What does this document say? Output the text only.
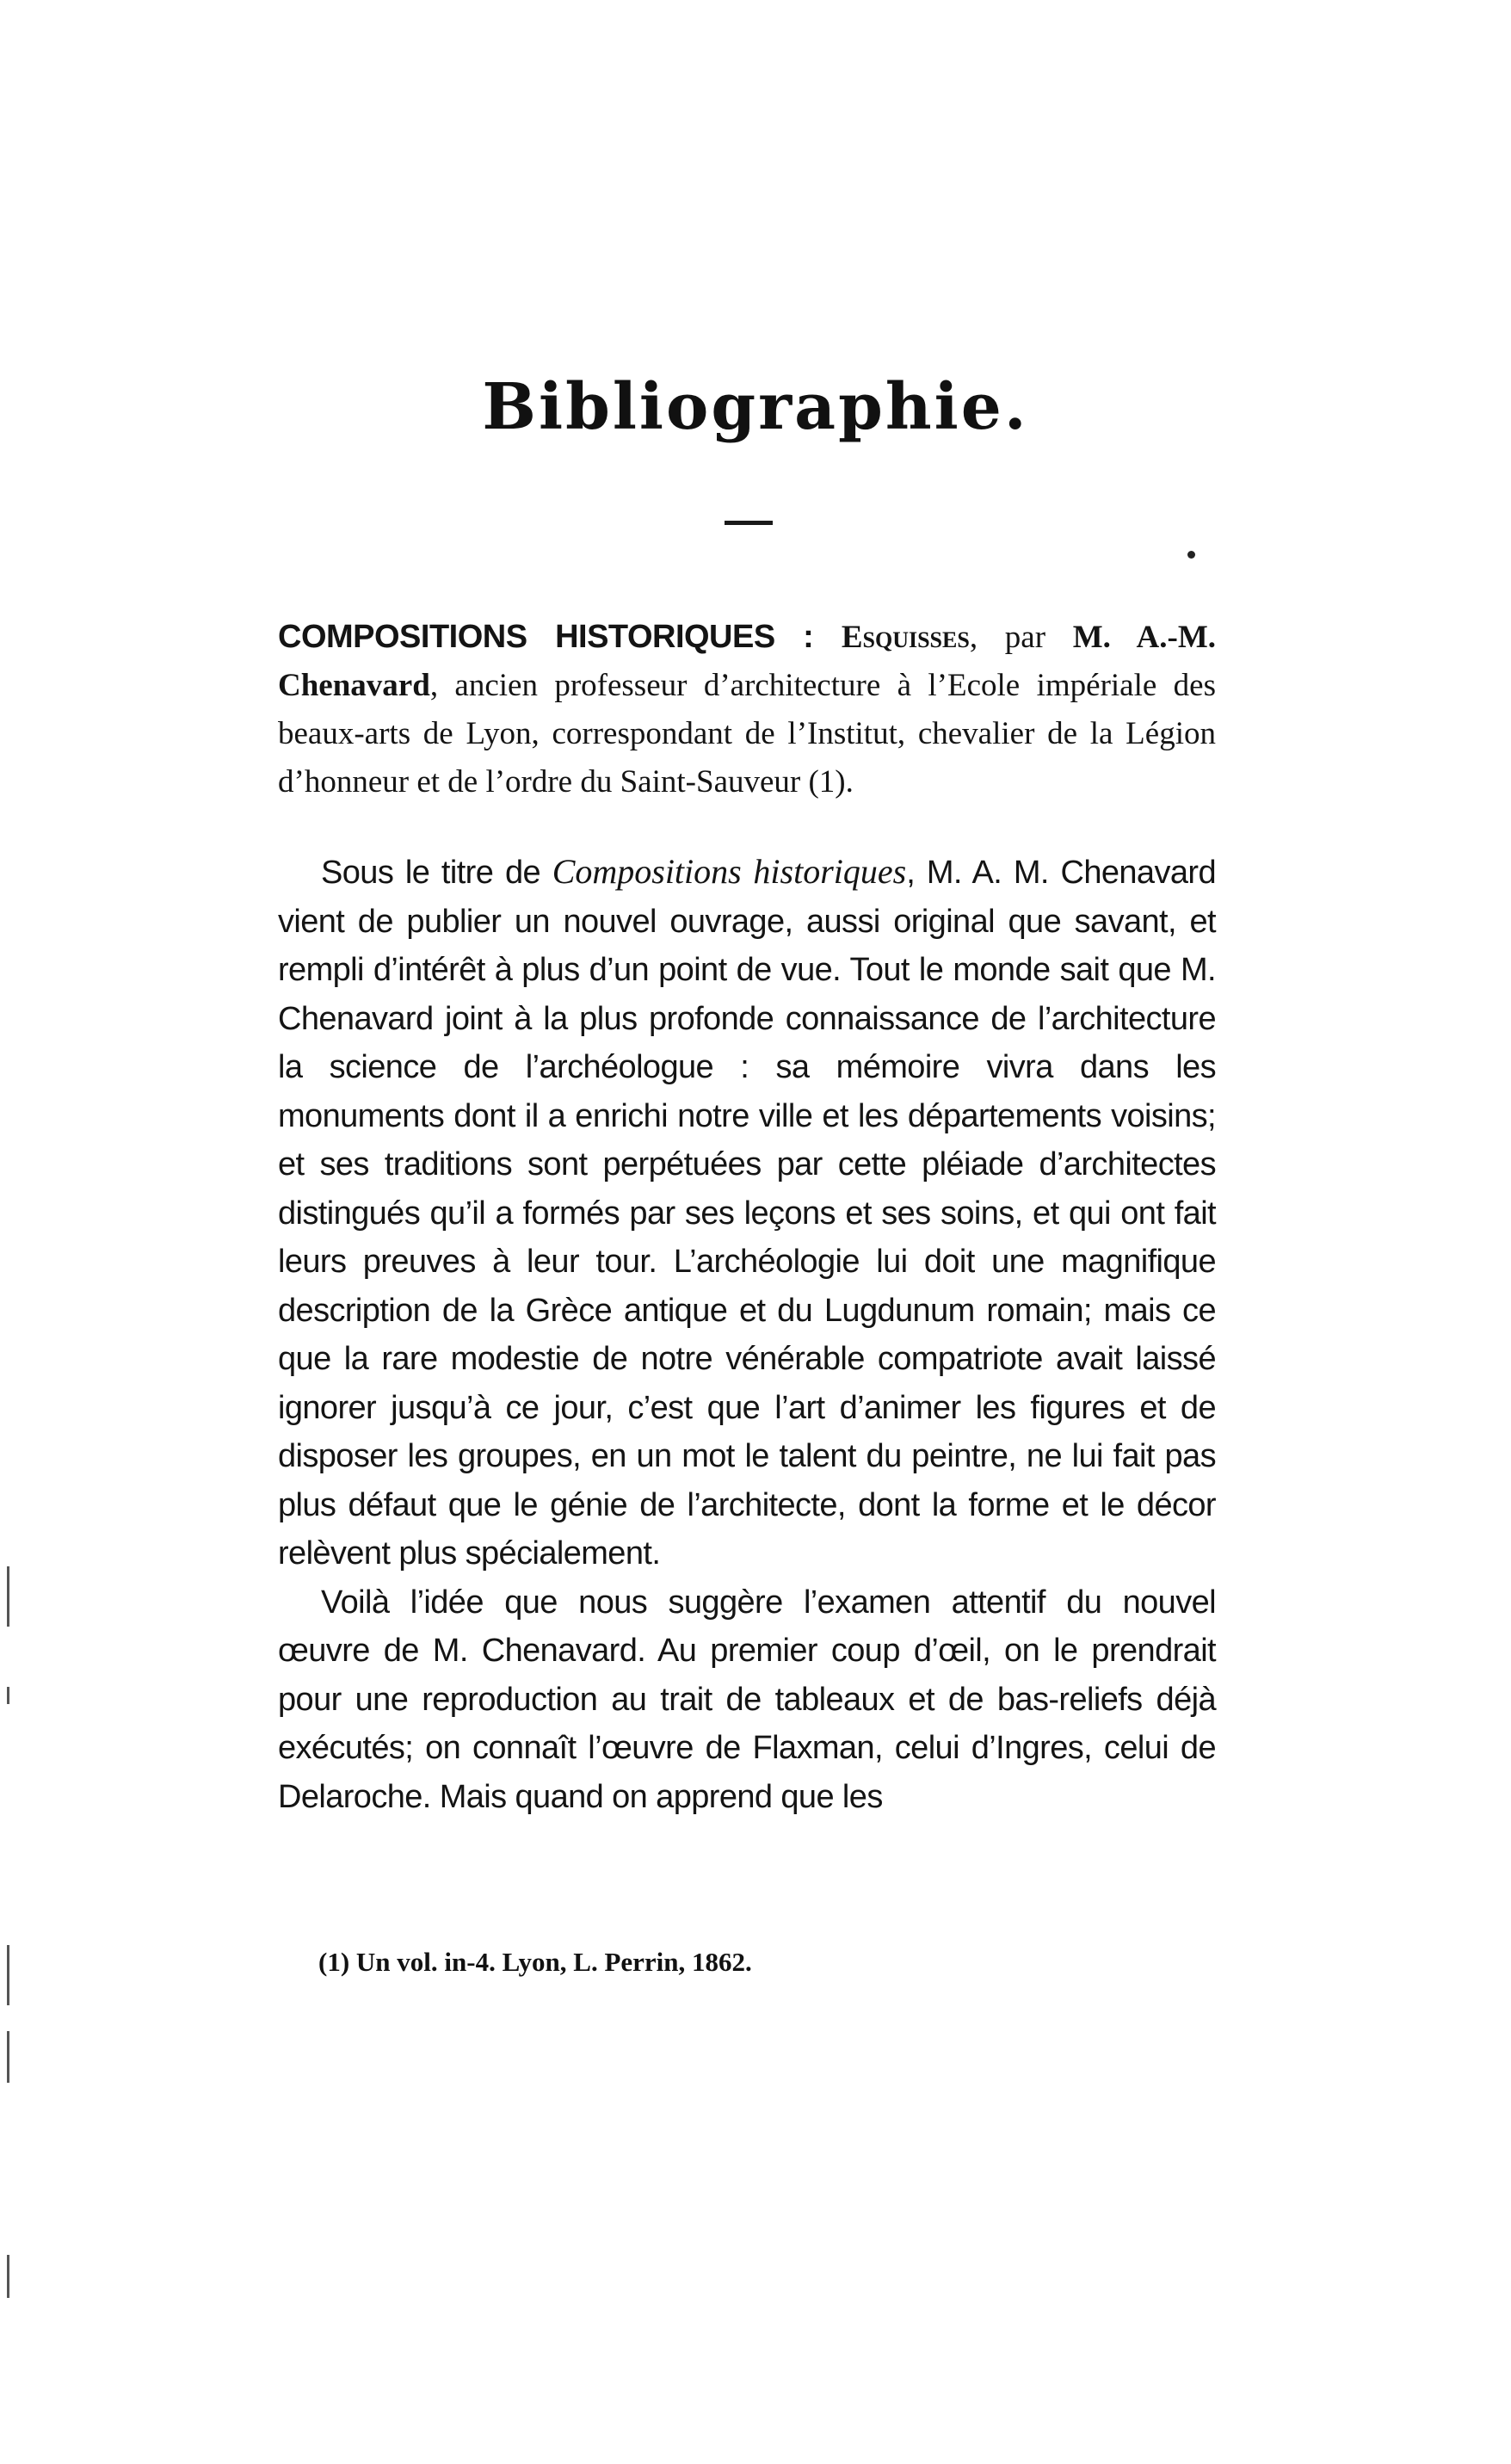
Bibliographie.
COMPOSITIONS HISTORIQUES : Esquisses, par M. A.-M. Chenavard, ancien professeur d’architecture à l’Ecole impériale des beaux-arts de Lyon, correspondant de l’Institut, chevalier de la Légion d’honneur et de l’ordre du Saint-Sauveur (1).

Sous le titre de Compositions historiques, M. A. M. Chenavard vient de publier un nouvel ouvrage, aussi original que savant, et rempli d’intérêt à plus d’un point de vue. Tout le monde sait que M. Chenavard joint à la plus profonde connaissance de l’architecture la science de l’archéologue : sa mémoire vivra dans les monuments dont il a enrichi notre ville et les départements voisins; et ses traditions sont perpétuées par cette pléiade d’architectes distingués qu’il a formés par ses leçons et ses soins, et qui ont fait leurs preuves à leur tour. L’archéologie lui doit une magnifique description de la Grèce antique et du Lugdunum romain; mais ce que la rare modestie de notre vénérable compatriote avait laissé ignorer jusqu’à ce jour, c’est que l’art d’animer les figures et de disposer les groupes, en un mot le talent du peintre, ne lui fait pas plus défaut que le génie de l’architecte, dont la forme et le décor relèvent plus spécialement.

Voilà l’idée que nous suggère l’examen attentif du nouvel œuvre de M. Chenavard. Au premier coup d’œil, on le prendrait pour une reproduction au trait de tableaux et de bas-reliefs déjà exécutés; on connaît l’œuvre de Flaxman, celui d’Ingres, celui de Delaroche. Mais quand on apprend que les

(1) Un vol. in-4. Lyon, L. Perrin, 1862.
